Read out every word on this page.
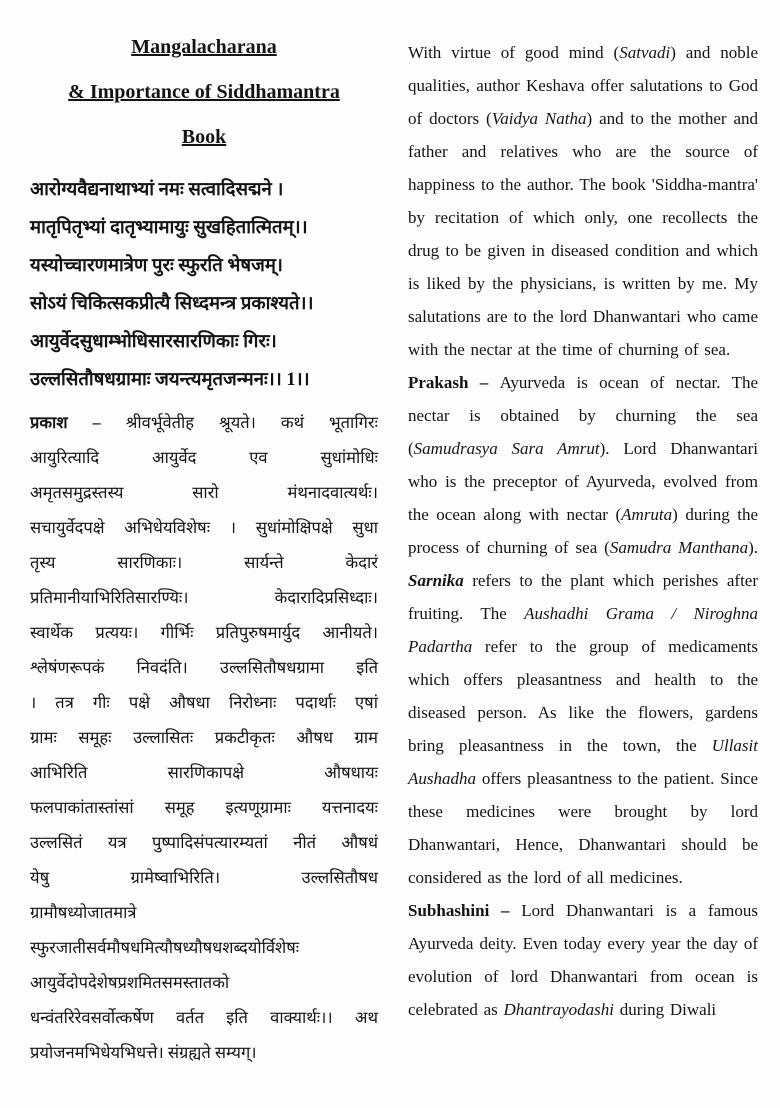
Mangalacharana
& Importance of Siddhamantra
Book
आरोग्यवैद्यनाथाभ्यां नमः सत्वादिसद्मने ।
मातृपितृभ्यां दातृभ्यामायुः सुखहितात्मितम्।।
यस्योच्चारणमात्रेण पुरः स्फुरति भेषजम्।
सोऽयं चिकित्सकप्रीत्यै सिध्दमन्त्र प्रकाश्यते।।
आयुर्वेदसुधाम्भोधिसारसारणिकाः गिरः।
उल्लसितौषधग्रामाः जयन्त्यमृतजन्मनः।। 1।।
प्रकाश – श्रीवर्भूवेतीह श्रूयते। कथं भूतागिरः
आयुरित्यादि आयुर्वेद एव सुधांमोधिः
अमृतसमुद्रस्तस्य सारो मंथनादवात्यर्थः।
सचायुर्वेदपक्षे अभिधेयविशेषः । सुधांमोक्षिपक्षे सुधा
तृस्य सारणिकाः। सार्यन्ते केदारं
प्रतिमानीयाभिरितिसारण्यिः। केदारादिप्रसिध्दाः।
स्वार्थेक प्रत्ययः। गीर्भिः प्रतिपुरुषमार्युद आनीयते।
श्लेषंणरूपकं निवदंति। उल्लसितौषधग्रामा इति
। तत्र गीः पक्षे औषधा निरोध्नाः पदार्थाः एषां
ग्रामः समूहः उल्लासितः प्रकटीकृतः औषध ग्राम
आभिरिति सारणिकापक्षे औषधायः
फलपाकांतास्तांसां समूह इत्यणूग्रामाः यत्तनादयः
उल्लसितं यत्र पुष्पादिसंपत्यारम्यतां नीतं औषधं
येषु ग्रामेष्वाभिरिति। उल्लसितौषध
ग्रामौषध्योजातमात्रे
स्फुरजातीसर्वमौषधमित्यौषध्यौषधशब्दयोर्विशेषः
आयुर्वेदोपदेशेषप्रशमितसमस्तातको
धन्वंतरिरेवसर्वोत्कर्षेण वर्तत इति वाक्यार्थः।। अथ
प्रयोजनमभिधेयभिधत्ते। संग्रह्यते सम्यग्।

With virtue of good mind (Satvadi) and noble qualities, author Keshava offer salutations to God of doctors (Vaidya Natha) and to the mother and father and relatives who are the source of happiness to the author. The book 'Siddha-mantra' by recitation of which only, one recollects the drug to be given in diseased condition and which is liked by the physicians, is written by me. My salutations are to the lord Dhanwantari who came with the nectar at the time of churning of sea.

Prakash – Ayurveda is ocean of nectar. The nectar is obtained by churning the sea (Samudrasya Sara Amrut). Lord Dhanwantari who is the preceptor of Ayurveda, evolved from the ocean along with nectar (Amruta) during the process of churning of sea (Samudra Manthana). Sarnika refers to the plant which perishes after fruiting. The Aushadhi Grama / Niroghna Padartha refer to the group of medicaments which offers pleasantness and health to the diseased person. As like the flowers, gardens bring pleasantness in the town, the Ullasit Aushadha offers pleasantness to the patient. Since these medicines were brought by lord Dhanwantari, Hence, Dhanwantari should be considered as the lord of all medicines.

Subhashini – Lord Dhanwantari is a famous Ayurveda deity. Even today every year the day of evolution of lord Dhanwantari from ocean is celebrated as Dhantrayodashi during Diwali
